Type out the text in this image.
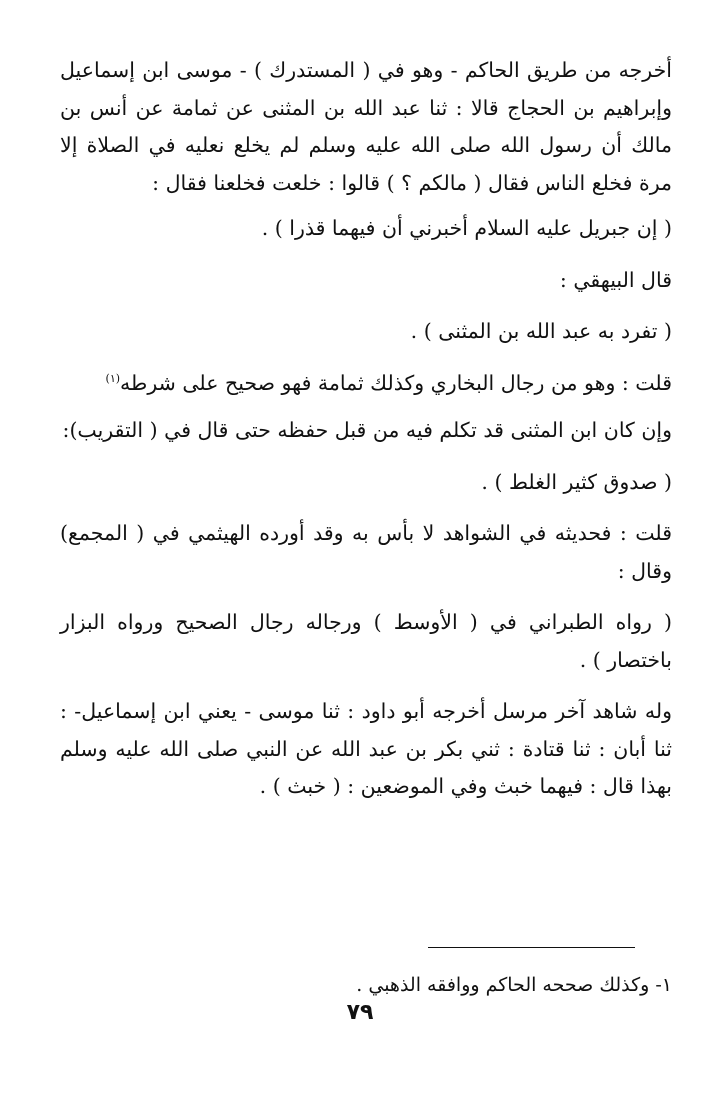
أخرجه من طريق الحاكم - وهو في ( المستدرك ) - موسى ابن إسماعيل وإبراهيم بن الحجاج قالا : ثنا عبد الله بن المثنى عن ثمامة عن أنس بن مالك أن رسول الله صلى الله عليه وسلم لم يخلع نعليه في الصلاة إلا مرة فخلع الناس فقال ( مالكم ؟ ) قالوا : خلعت فخلعنا فقال :

( إن جبريل عليه السلام أخبرني أن فيهما قذرا ) .

قال البيهقي :

( تفرد به عبد الله بن المثنى ) .

قلت : وهو من رجال البخاري وكذلك ثمامة فهو صحيح على شرطه$^{(١)}$

وإن كان ابن المثنى قد تكلم فيه من قبل حفظه حتى قال في ( التقريب):

( صدوق كثير الغلط ) .

قلت : فحديثه في الشواهد لا بأس به وقد أورده الهيثمي في ( المجمع) وقال :

( رواه الطبراني في ( الأوسط ) ورجاله رجال الصحيح ورواه البزار باختصار ) .

وله شاهد آخر مرسل أخرجه أبو داود : ثنا موسى - يعني ابن إسماعيل- : ثنا أبان : ثنا قتادة : ثني بكر بن عبد الله عن النبي صلى الله عليه وسلم بهذا قال : فيهما خبث وفي الموضعين : ( خبث ) .

١- وكذلك صححه الحاكم ووافقه الذهبي .
٧٩
